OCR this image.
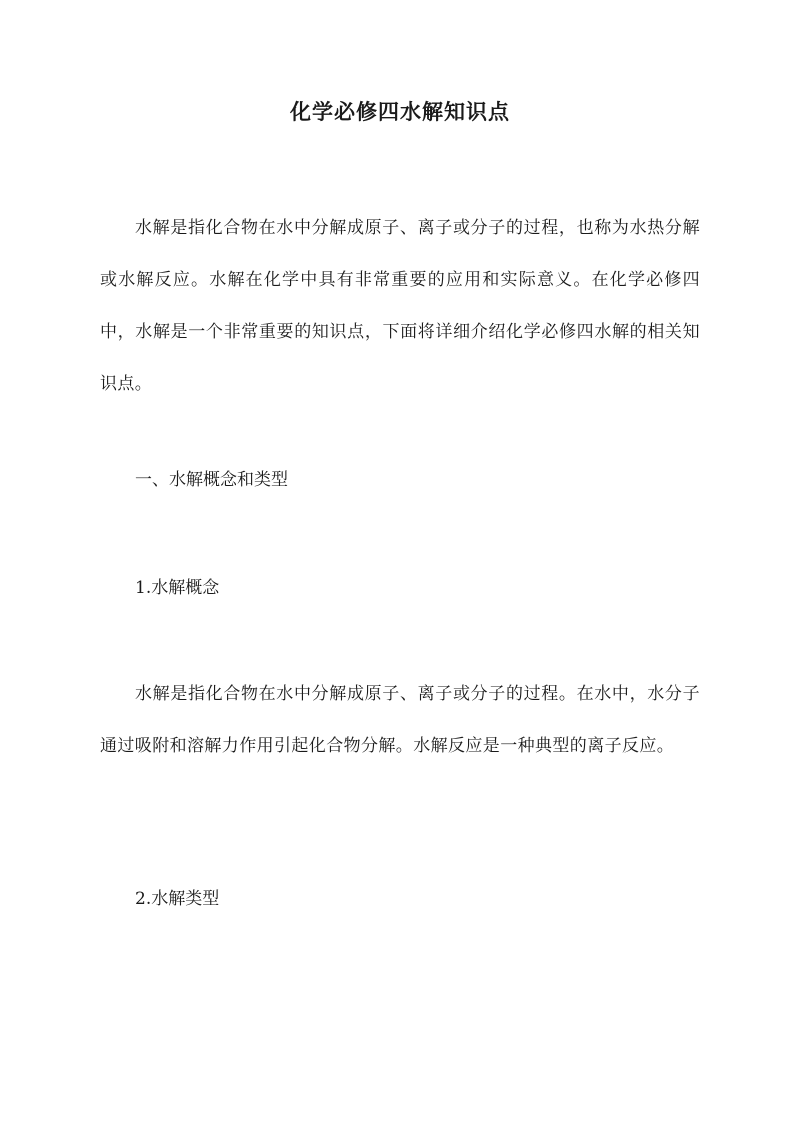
化学必修四水解知识点

水解是指化合物在水中分解成原子、离子或分子的过程，也称为水热分解或水解反应。水解在化学中具有非常重要的应用和实际意义。在化学必修四中，水解是一个非常重要的知识点，下面将详细介绍化学必修四水解的相关知识点。

一、水解概念和类型
1.水解概念

水解是指化合物在水中分解成原子、离子或分子的过程。在水中，水分子通过吸附和溶解力作用引起化合物分解。水解反应是一种典型的离子反应。

2.水解类型
